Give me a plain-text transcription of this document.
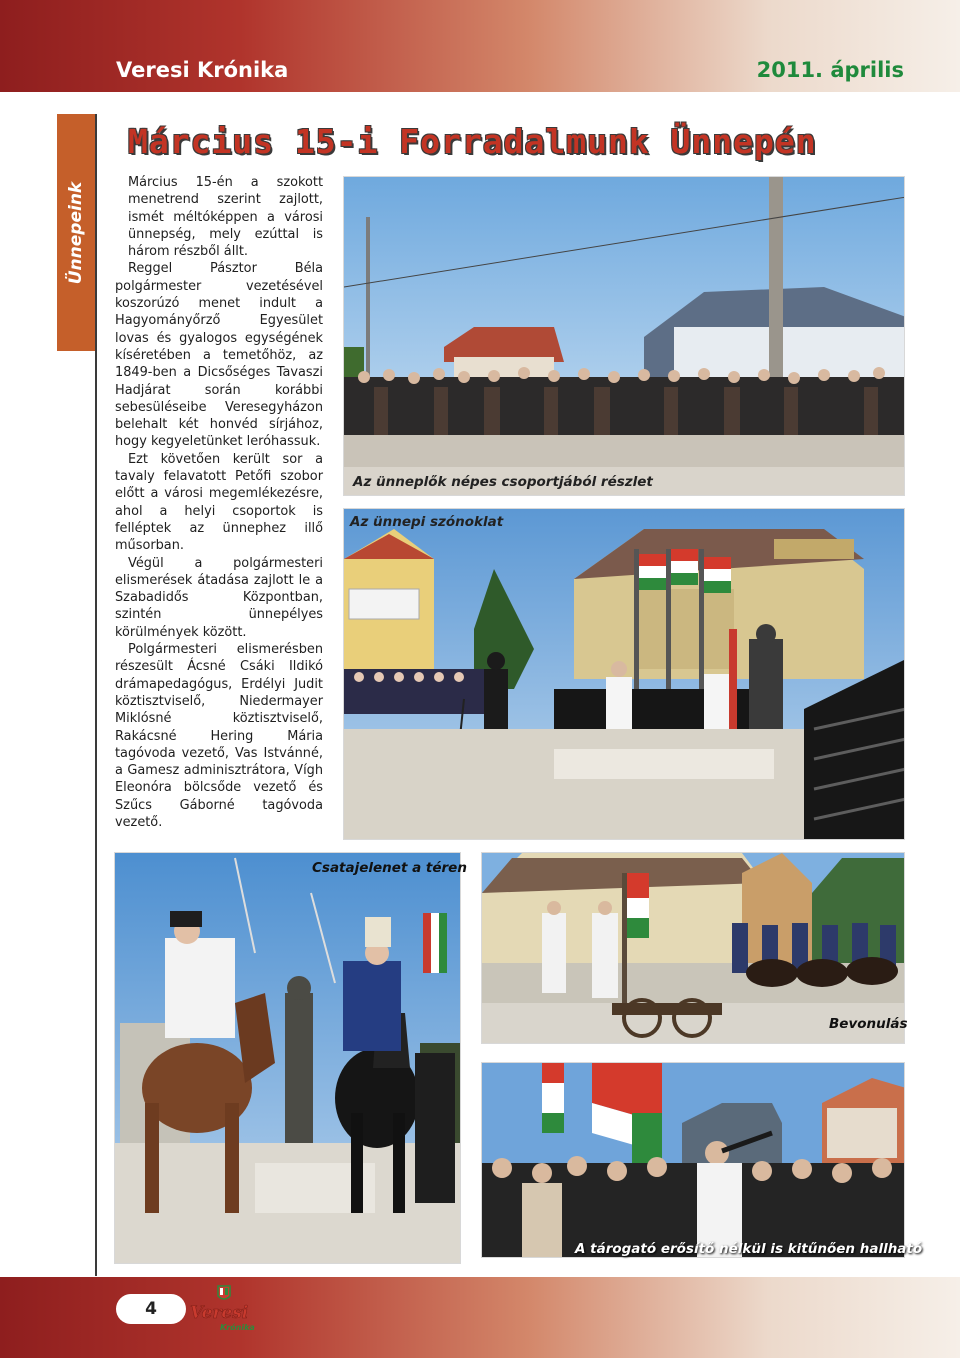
Veresi Krónika	2011. április
Ünnepeink
Március 15-i Forradalmunk Ünnepén

Március 15-én a szokott menetrend szerint zajlott, ismét méltóképpen a városi ünnepség, mely ezúttal is három részből állt.

Reggel Pásztor Béla polgármester vezetésével koszorúzó menet indult a Hagyományőrző Egyesület lovas és gyalogos egységének kíséretében a temetőhöz, az 1849-ben a Dicsőséges Tavaszi Hadjárat során korábbi sebesüléseibe Veresegyházon belehalt két honvéd sírjához, hogy kegyeletünket leróhassuk.

Ezt követően került sor a tavaly felavatott Petőfi szobor előtt a városi megemlékezésre, ahol a helyi csoportok is felléptek az ünnephez illő műsorban.

Végül a polgármesteri elismerések átadása zajlott le a Szabadidős Központban, szintén ünnepélyes körülmények között.

Polgármesteri elismerésben részesült Ácsné Csáki Ildikó drámapedagógus, Erdélyi Judit köztisztviselő, Niedermayer Miklósné köztisztviselő, Rakácsné Hering Mária tagóvoda vezető, Vas Istvánné, a Gamesz adminisztrátora, Vígh Eleonóra bölcsőde vezető és Szűcs Gáborné tagóvoda vezető.

Az ünneplők népes csoportjából részlet
Az ünnepi szónoklat
Csatajelenet a téren
Bevonulás
A tárogató erősítő nélkül is kitűnően hallható
4	Veresi
Krónika
